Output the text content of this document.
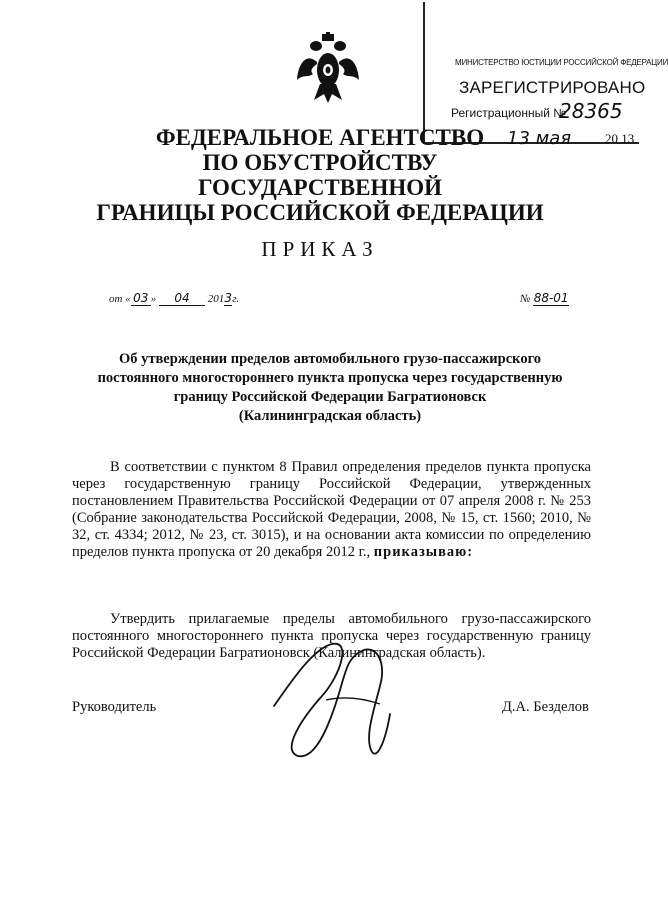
МИНИСТЕРСТВО ЮСТИЦИИ РОССИЙСКОЙ ФЕДЕРАЦИИ
ЗАРЕГИСТРИРОВАНО
Регистрационный №
28365
13 мая	20 13
ФЕДЕРАЛЬНОЕ АГЕНТСТВО
ПО ОБУСТРОЙСТВУ ГОСУДАРСТВЕННОЙ
ГРАНИЦЫ РОССИЙСКОЙ ФЕДЕРАЦИИ
ПРИКАЗ
от « 03 » 04 2013г.	№ 88-01
Об утверждении пределов автомобильного грузо-пассажирского
постоянного многостороннего пункта пропуска через государственную
границу Российской Федерации Багратионовск
(Калининградская область)
В соответствии с пунктом 8 Правил определения пределов пункта пропуска через государственную границу Российской Федерации, утвержденных постановлением Правительства Российской Федерации от 07 апреля 2008 г. № 253 (Собрание законодательства Российской Федерации, 2008, № 15, ст. 1560; 2010, № 32, ст. 4334; 2012, № 23, ст. 3015), и на основании акта комиссии по определению пределов пункта пропуска от 20 декабря 2012 г., приказываю:
Утвердить прилагаемые пределы автомобильного грузо-пассажирского постоянного многостороннего пункта пропуска через государственную границу Российской Федерации Багратионовск (Калининградская область).
Руководитель	Д.А. Безделов
